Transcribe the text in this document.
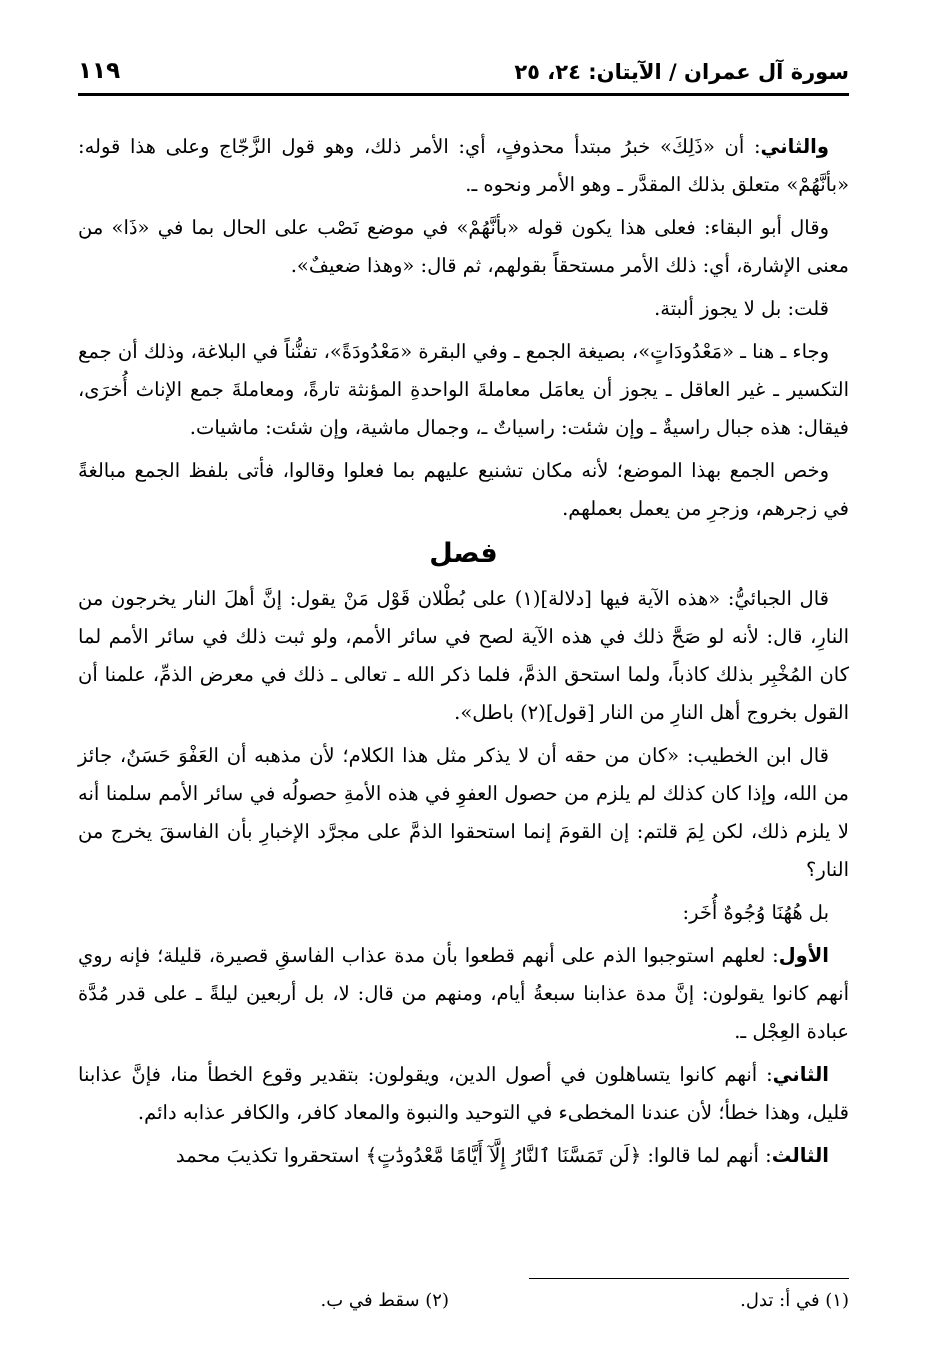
سورة آل عمران / الآيتان: ٢٤، ٢٥
١١٩

والثاني: أن «ذَلِكَ» خبرُ مبتدأ محذوفٍ، أي: الأمر ذلك، وهو قول الزَّجّاج وعلى هذا قوله: «بأنَّهُمْ» متعلق بذلك المقدَّر ـ وهو الأمر ونحوه ـ.

وقال أبو البقاء: فعلى هذا يكون قوله «بأنَّهُمْ» في موضع نَصْب على الحال بما في «ذَا» من معنى الإشارة، أي: ذلك الأمر مستحقاً بقولهم، ثم قال: «وهذا ضعيفٌ».

قلت: بل لا يجوز ألبتة.

وجاء ـ هنا ـ «مَعْدُودَاتٍ»، بصيغة الجمع ـ وفي البقرة «مَعْدُودَةً»، تفنُّناً في البلاغة، وذلك أن جمع التكسير ـ غير العاقل ـ يجوز أن يعامَل معاملةَ الواحدةِ المؤنثة تارةً، ومعاملةَ جمع الإناث أُخرَى، فيقال: هذه جبال راسيةٌ ـ وإن شئت: راسياتٌ ـ، وجمال ماشية، وإن شئت: ماشيات.

وخص الجمع بهذا الموضع؛ لأنه مكان تشنيع عليهم بما فعلوا وقالوا، فأتى بلفظ الجمع مبالغةً في زجرهم، وزجرِ من يعمل بعملهم.

فصل

قال الجبائيُّ: «هذه الآية فيها [دلالة](١) على بُطْلان قَوْل مَنْ يقول: إنَّ أهلَ النار يخرجون من النارِ، قال: لأنه لو صَحَّ ذلك في هذه الآية لصح في سائر الأمم، ولو ثبت ذلك في سائر الأمم لما كان المُخْبِر بذلك كاذباً، ولما استحق الذمَّ، فلما ذكر الله ـ تعالى ـ ذلك في معرض الذمِّ، علمنا أن القول بخروج أهل النارِ من النار [قول](٢) باطل».

قال ابن الخطيب: «كان من حقه أن لا يذكر مثل هذا الكلام؛ لأن مذهبه أن العَفْوَ حَسَنٌ، جائز من الله، وإذا كان كذلك لم يلزم من حصول العفوِ في هذه الأمةِ حصولُه في سائر الأمم سلمنا أنه لا يلزم ذلك، لكن لِمَ قلتم: إن القومَ إنما استحقوا الذمَّ على مجرَّد الإخبارِ بأن الفاسقَ يخرج من النار؟

بل هُهُنَا وُجُوهٌ أُخَر:

الأول: لعلهم استوجبوا الذم على أنهم قطعوا بأن مدة عذاب الفاسقِ قصيرة، قليلة؛ فإنه روي أنهم كانوا يقولون: إنَّ مدة عذابنا سبعةُ أيام، ومنهم من قال: لا، بل أربعين ليلةً ـ على قدر مُدَّة عبادة العِجْل ـ.

الثاني: أنهم كانوا يتساهلون في أصول الدين، ويقولون: بتقدير وقوع الخطأ منا، فإنَّ عذابنا قليل، وهذا خطأ؛ لأن عندنا المخطىء في التوحيد والنبوة والمعاد كافر، والكافر عذابه دائم.

الثالث: أنهم لما قالوا: ﴿لَن تَمَسَّنَا ٱلنَّارُ إِلَّآ أَيَّامًا مَّعْدُودَٰتٍ﴾ استحقروا تكذيبَ محمد

(١) في أ: تدل.
(٢) سقط في ب.
